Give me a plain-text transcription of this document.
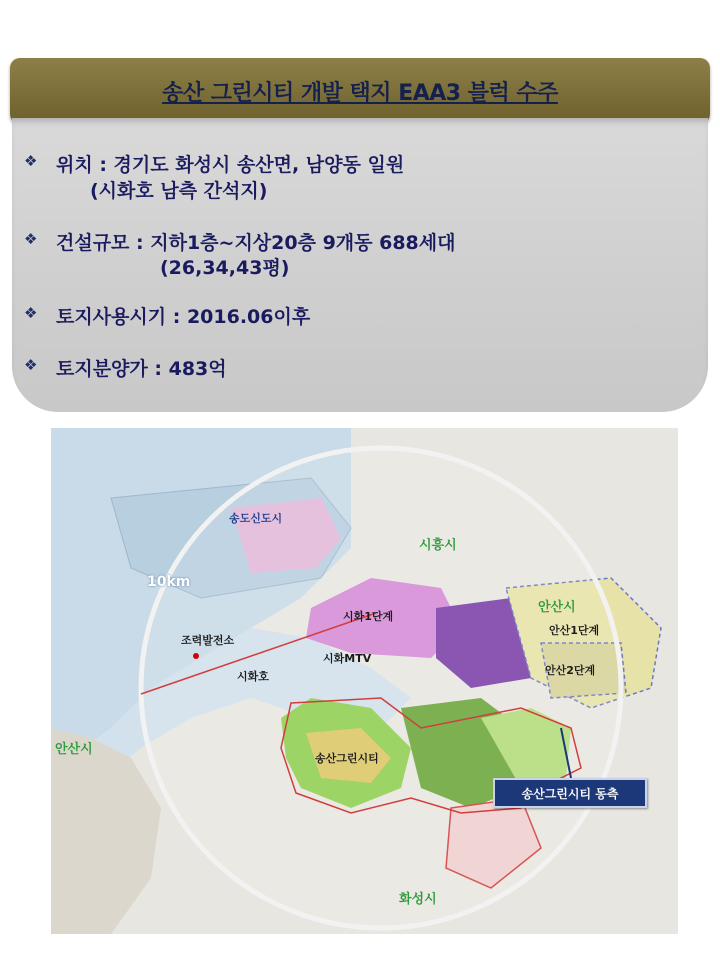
송산 그린시티 개발 택지 EAA3 블럭 수주
❖ 위치 : 경기도 화성시 송산면, 남양동 일원
(시화호 남측 간석지)
❖ 건설규모 : 지하1층~지상20층 9개동 688세대
(26,34,43평)
❖ 토지사용시기 : 2016.06이후
❖ 토지분양가 : 483억
송도신도시
시흥시
10km
조력발전소
시화1단계
시화MTV
시화호
안산시
안산1단계
안산2단계
안산시
송산그린시티
화성시
송산그린시티 동측
